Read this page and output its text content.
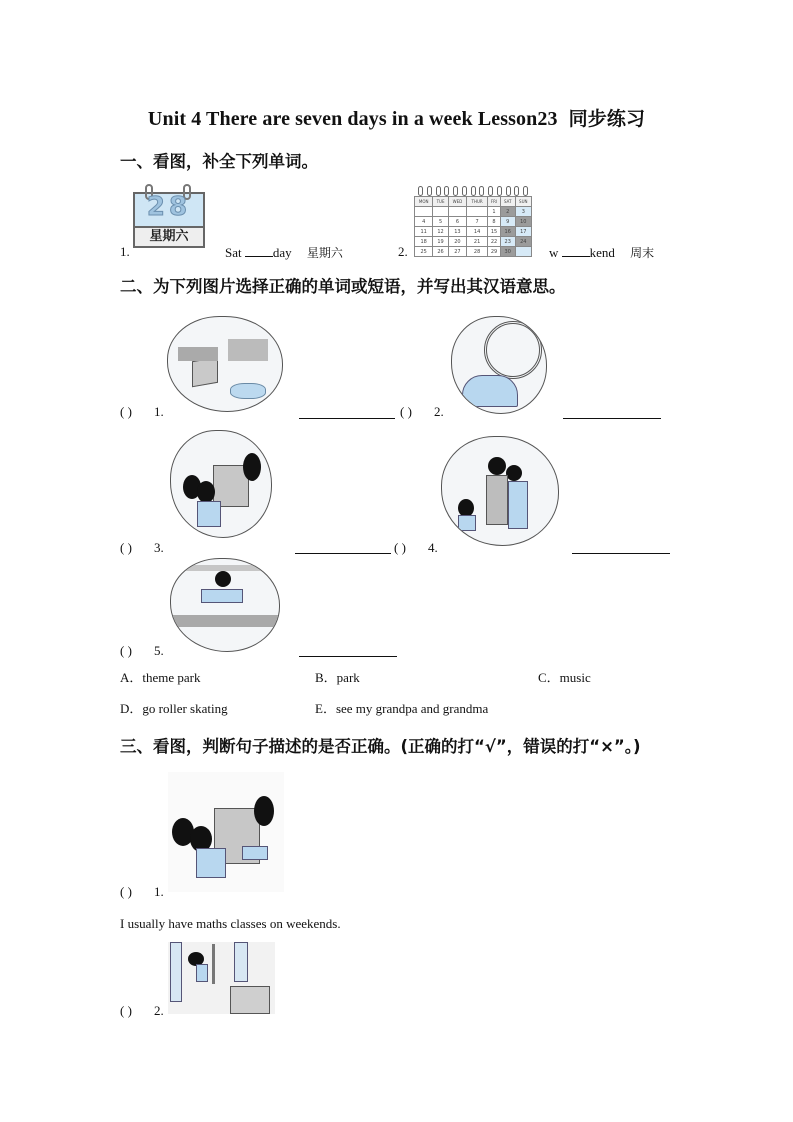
Unit 4 There are seven days in a week Lesson23 同步练习
一、看图，补全下列单词。
1.
28
星期六
Sat day 星期六	2.
MON	TUE	WED	THUR	FRI	SAT	SUN
				1	2	3
4	5	6	7	8	9	10
11	12	13	14	15	16	17
18	19	20	21	22	23	24
25	26	27	28	29	30		w kend 周末
二、为下列图片选择正确的单词或短语，并写出其汉语意思。
( ) 1.	( ) 2.
( ) 3.	( ) 4.
( ) 5.
A．theme park	B．park	C．music
D．go roller skating	E．see my grandpa and grandma
三、看图，判断句子描述的是否正确。(正确的打“√”，错误的打“×”。)
( ) 1.
I usually have maths classes on weekends.
( ) 2.
